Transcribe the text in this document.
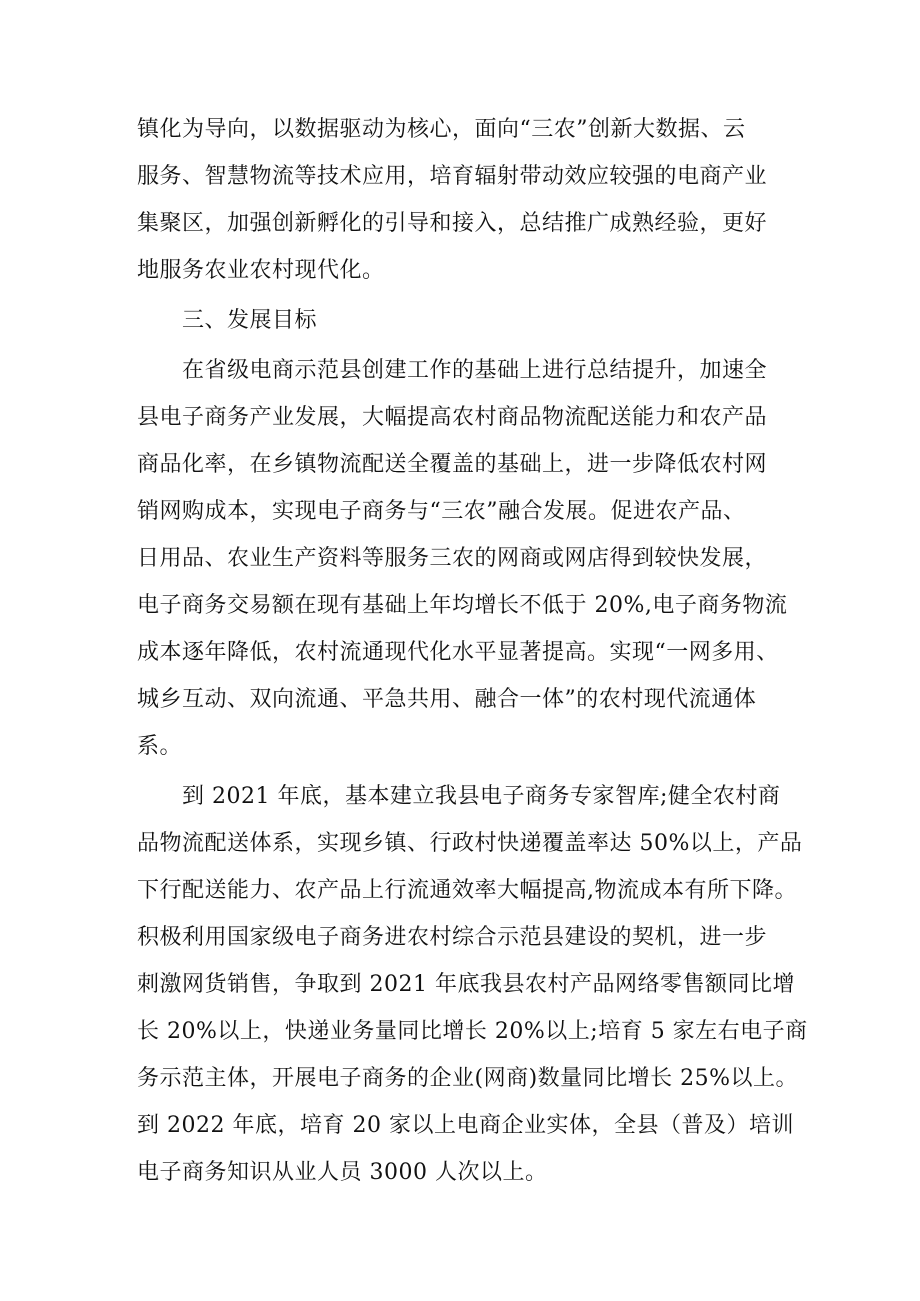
镇化为导向，以数据驱动为核心，面向“三农”创新大数据、云
服务、智慧物流等技术应用，培育辐射带动效应较强的电商产业
集聚区，加强创新孵化的引导和接入，总结推广成熟经验，更好
地服务农业农村现代化。
三、发展目标
在省级电商示范县创建工作的基础上进行总结提升，加速全
县电子商务产业发展，大幅提高农村商品物流配送能力和农产品
商品化率，在乡镇物流配送全覆盖的基础上，进一步降低农村网
销网购成本，实现电子商务与“三农”融合发展。促进农产品、
日用品、农业生产资料等服务三农的网商或网店得到较快发展，
电子商务交易额在现有基础上年均增长不低于 20%,电子商务物流
成本逐年降低，农村流通现代化水平显著提高。实现“一网多用、
城乡互动、双向流通、平急共用、融合一体”的农村现代流通体
系。
到 2021 年底，基本建立我县电子商务专家智库;健全农村商
品物流配送体系，实现乡镇、行政村快递覆盖率达 50%以上，产品
下行配送能力、农产品上行流通效率大幅提高,物流成本有所下降。
积极利用国家级电子商务进农村综合示范县建设的契机，进一步
刺激网货销售，争取到 2021 年底我县农村产品网络零售额同比增
长 20%以上，快递业务量同比增长 20%以上;培育 5 家左右电子商
务示范主体，开展电子商务的企业(网商)数量同比增长 25%以上。
到 2022 年底，培育 20 家以上电商企业实体，全县（普及）培训
电子商务知识从业人员 3000 人次以上。
